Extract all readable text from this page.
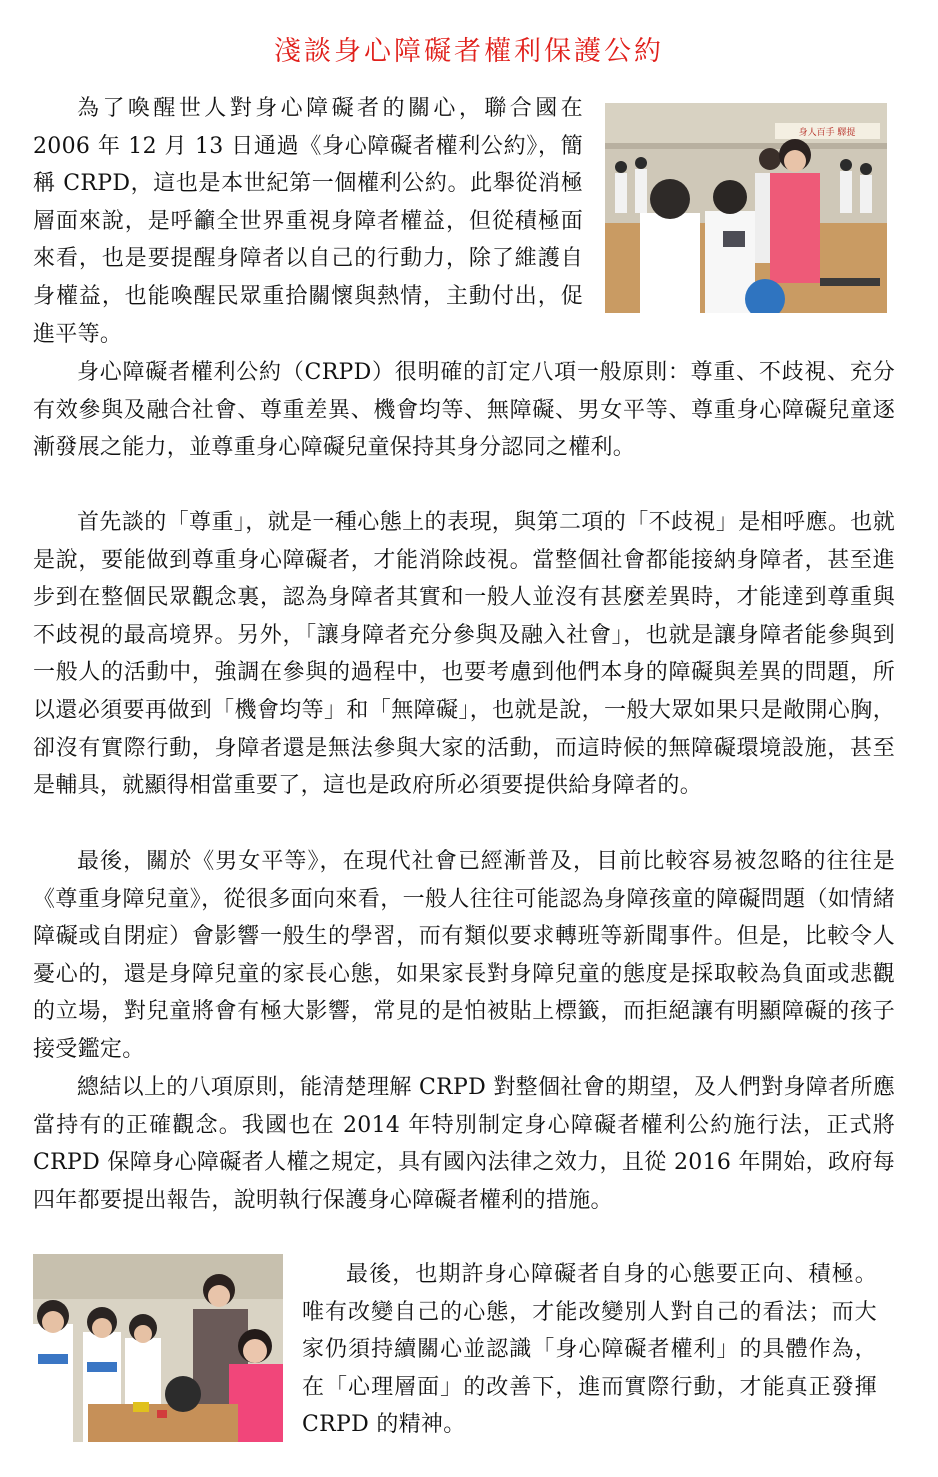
淺談身心障礙者權利保護公約
身人百手 驛提

為了喚醒世人對身心障礙者的關心，聯合國在 2006 年 12 月 13 日通過《身心障礙者權利公約》，簡稱 CRPD，這也是本世紀第一個權利公約。此舉從消極層面來說，是呼籲全世界重視身障者權益，但從積極面來看，也是要提醒身障者以自己的行動力，除了維護自身權益，也能喚醒民眾重拾關懷與熱情，主動付出，促進平等。

身心障礙者權利公約（CRPD）很明確的訂定八項一般原則：尊重、不歧視、充分有效參與及融合社會、尊重差異、機會均等、無障礙、男女平等、尊重身心障礙兒童逐漸發展之能力，並尊重身心障礙兒童保持其身分認同之權利。

首先談的「尊重」，就是一種心態上的表現，與第二項的「不歧視」是相呼應。也就是說，要能做到尊重身心障礙者，才能消除歧視。當整個社會都能接納身障者，甚至進步到在整個民眾觀念裏，認為身障者其實和一般人並沒有甚麼差異時，才能達到尊重與不歧視的最高境界。另外，「讓身障者充分參與及融入社會」，也就是讓身障者能參與到一般人的活動中，強調在參與的過程中，也要考慮到他們本身的障礙與差異的問題，所以還必須要再做到「機會均等」和「無障礙」，也就是說，一般大眾如果只是敞開心胸，卻沒有實際行動，身障者還是無法參與大家的活動，而這時候的無障礙環境設施，甚至是輔具，就顯得相當重要了，這也是政府所必須要提供給身障者的。

最後，關於《男女平等》，在現代社會已經漸普及，目前比較容易被忽略的往往是《尊重身障兒童》，從很多面向來看，一般人往往可能認為身障孩童的障礙問題（如情緒障礙或自閉症）會影響一般生的學習，而有類似要求轉班等新聞事件。但是，比較令人憂心的，還是身障兒童的家長心態，如果家長對身障兒童的態度是採取較為負面或悲觀的立場，對兒童將會有極大影響，常見的是怕被貼上標籤，而拒絕讓有明顯障礙的孩子接受鑑定。

總結以上的八項原則，能清楚理解 CRPD 對整個社會的期望，及人們對身障者所應當持有的正確觀念。我國也在 2014 年特別制定身心障礙者權利公約施行法，正式將 CRPD 保障身心障礙者人權之規定，具有國內法律之效力，且從 2016 年開始，政府每四年都要提出報告，說明執行保護身心障礙者權利的措施。

最後，也期許身心障礙者自身的心態要正向、積極。唯有改變自己的心態，才能改變別人對自己的看法；而大家仍須持續關心並認識「身心障礙者權利」的具體作為，在「心理層面」的改善下，進而實際行動，才能真正發揮 CRPD 的精神。
